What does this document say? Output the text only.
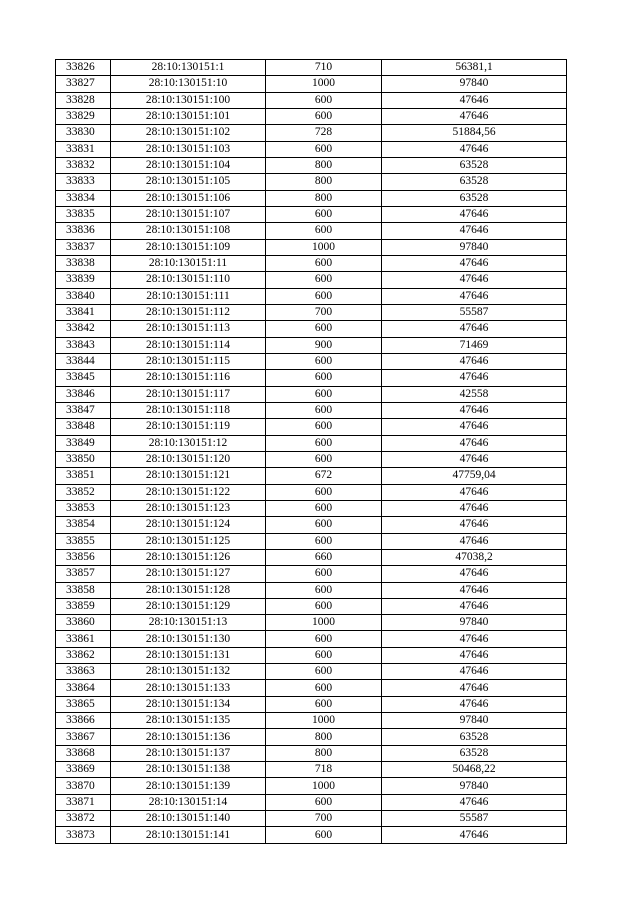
33826	28:10:130151:1	710	56381,1
33827	28:10:130151:10	1000	97840
33828	28:10:130151:100	600	47646
33829	28:10:130151:101	600	47646
33830	28:10:130151:102	728	51884,56
33831	28:10:130151:103	600	47646
33832	28:10:130151:104	800	63528
33833	28:10:130151:105	800	63528
33834	28:10:130151:106	800	63528
33835	28:10:130151:107	600	47646
33836	28:10:130151:108	600	47646
33837	28:10:130151:109	1000	97840
33838	28:10:130151:11	600	47646
33839	28:10:130151:110	600	47646
33840	28:10:130151:111	600	47646
33841	28:10:130151:112	700	55587
33842	28:10:130151:113	600	47646
33843	28:10:130151:114	900	71469
33844	28:10:130151:115	600	47646
33845	28:10:130151:116	600	47646
33846	28:10:130151:117	600	42558
33847	28:10:130151:118	600	47646
33848	28:10:130151:119	600	47646
33849	28:10:130151:12	600	47646
33850	28:10:130151:120	600	47646
33851	28:10:130151:121	672	47759,04
33852	28:10:130151:122	600	47646
33853	28:10:130151:123	600	47646
33854	28:10:130151:124	600	47646
33855	28:10:130151:125	600	47646
33856	28:10:130151:126	660	47038,2
33857	28:10:130151:127	600	47646
33858	28:10:130151:128	600	47646
33859	28:10:130151:129	600	47646
33860	28:10:130151:13	1000	97840
33861	28:10:130151:130	600	47646
33862	28:10:130151:131	600	47646
33863	28:10:130151:132	600	47646
33864	28:10:130151:133	600	47646
33865	28:10:130151:134	600	47646
33866	28:10:130151:135	1000	97840
33867	28:10:130151:136	800	63528
33868	28:10:130151:137	800	63528
33869	28:10:130151:138	718	50468,22
33870	28:10:130151:139	1000	97840
33871	28:10:130151:14	600	47646
33872	28:10:130151:140	700	55587
33873	28:10:130151:141	600	47646
